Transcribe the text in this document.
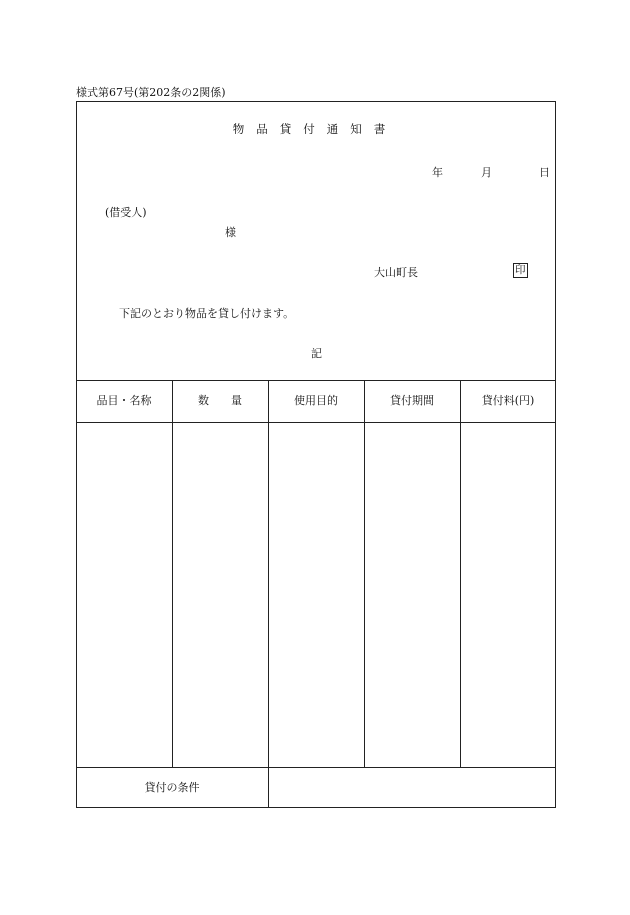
様式第67号(第202条の2関係)
物品貸付通知書
年	月	日
(借受人)
様
大山町長	印
下記のとおり物品を貸し付けます。
記
品目・名称	数　　量	使用目的	貸付期間	貸付料(円)
貸付の条件
